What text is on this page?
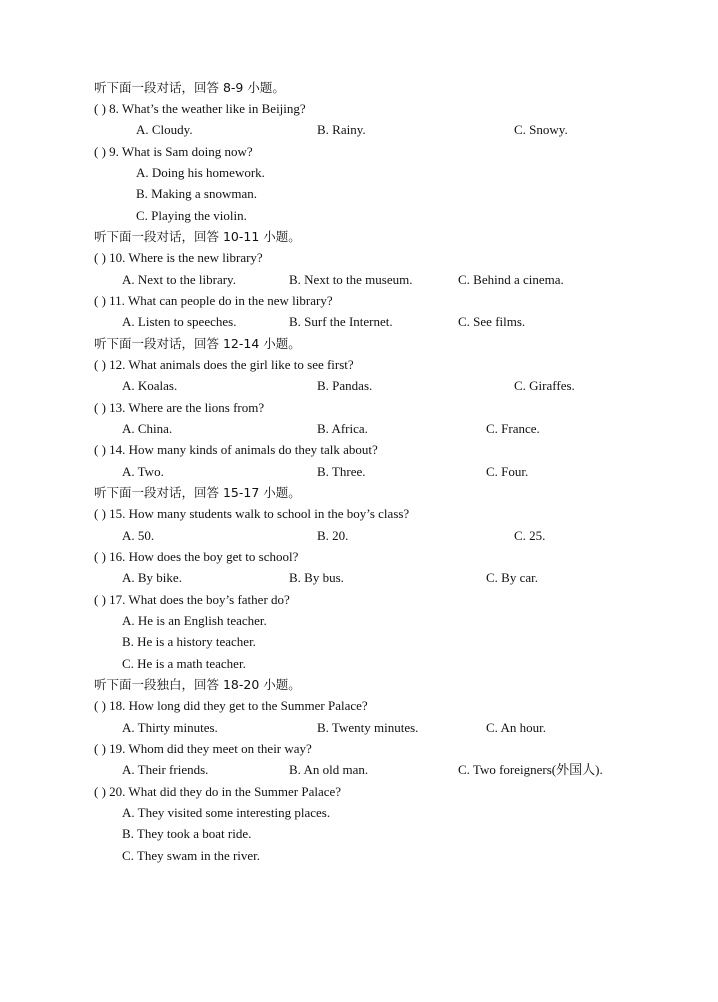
听下面一段对话，回答 8-9 小题。
( ) 8. What’s the weather like in Beijing?
A. Cloudy.	B. Rainy.	C. Snowy.
( ) 9. What is Sam doing now?
A. Doing his homework.
B. Making a snowman.
C. Playing the violin.
听下面一段对话，回答 10-11 小题。
( ) 10. Where is the new library?
A. Next to the library.	B. Next to the museum.	C. Behind a cinema.
( ) 11. What can people do in the new library?
A. Listen to speeches.	B. Surf the Internet.	C. See films.
听下面一段对话，回答 12-14 小题。
( ) 12. What animals does the girl like to see first?
A. Koalas.	B. Pandas.	C. Giraffes.
( ) 13. Where are the lions from?
A. China.	B. Africa.	C. France.
( ) 14. How many kinds of animals do they talk about?
A. Two.	B. Three.	C. Four.
听下面一段对话，回答 15-17 小题。
( ) 15. How many students walk to school in the boy’s class?
A. 50.	B. 20.	C. 25.
( ) 16. How does the boy get to school?
A. By bike.	B. By bus.	C. By car.
( ) 17. What does the boy’s father do?
A. He is an English teacher.
B. He is a history teacher.
C. He is a math teacher.
听下面一段独白，回答 18-20 小题。
( ) 18. How long did they get to the Summer Palace?
A. Thirty minutes.	B. Twenty minutes.	C. An hour.
( ) 19. Whom did they meet on their way?
A. Their friends.	B. An old man.	C. Two foreigners(外国人).
( ) 20. What did they do in the Summer Palace?
A. They visited some interesting places.
B. They took a boat ride.
C. They swam in the river.
